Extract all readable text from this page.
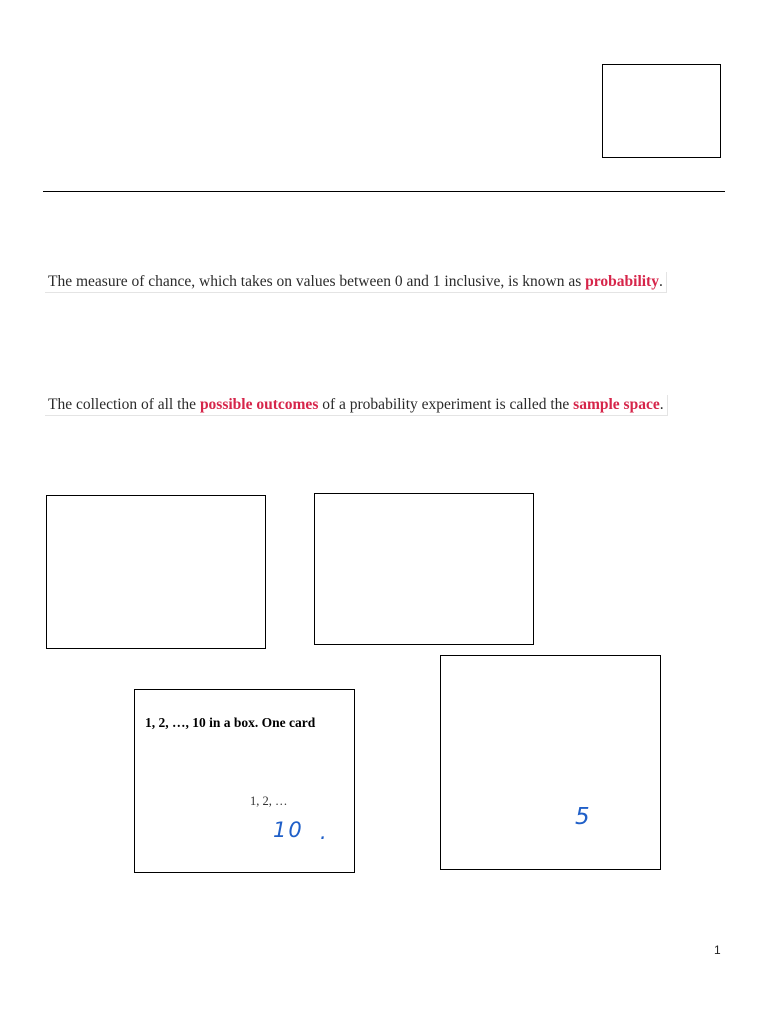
The measure of chance, which takes on values between 0 and 1 inclusive, is known as probability.
The collection of all the possible outcomes of a probability experiment is called the sample space.
1, 2, …, 10 in a box. One card
1, 2, …
10 .
5
1
